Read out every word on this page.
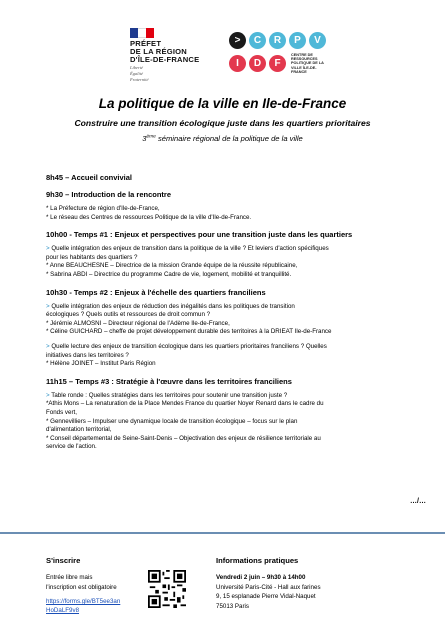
PRÉFET
DE LA RÉGION
D'ÎLE-DE-FRANCE
Liberté
Égalité
Fraternité
>	C	R	P	V
I	D	F
CENTRE DE RESSOURCES POLITIQUE DE LA VILLE ÎLE-DE-FRANCE
La politique de la ville en Ile-de-France
Construire une transition écologique juste dans les quartiers prioritaires
3ème séminaire régional de la politique de la ville
8h45 – Accueil convivial
9h30 – Introduction de la rencontre
* La Préfecture de région d'Ile-de-France,
* Le réseau des Centres de ressources Politique de la ville d'Ile-de-France.
10h00 - Temps #1 : Enjeux et perspectives pour une transition juste dans les quartiers
> Quelle intégration des enjeux de transition dans la politique de la ville ? Et leviers d'action spécifiques
pour les habitants des quartiers ?
* Anne BEAUCHESNE – Directrice de la mission Grande équipe de la réussite républicaine,
* Sabrina ABDI – Directrice du programme Cadre de vie, logement, mobilité et tranquillité.
10h30 - Temps #2 : Enjeux à l'échelle des quartiers franciliens
> Quelle intégration des enjeux de réduction des inégalités dans les politiques de transition
écologiques ? Quels outils et ressources de droit commun ?
* Jérémie ALMOSNI – Directeur régional de l'Adème Ile-de-France,
* Céline GUICHARD – cheffe de projet développement durable des territoires à la DRIEAT Ile-de-France
> Quelle lecture des enjeux de transition écologique dans les quartiers prioritaires franciliens ? Quelles
initiatives dans les territoires ?
* Hélène JOINET – Institut Paris Région
11h15 – Temps #3 : Stratégie à l'œuvre dans les territoires franciliens
> Table ronde : Quelles stratégies dans les territoires pour soutenir une transition juste ?
*Athis Mons – La renaturation de la Place Mendes France du quartier Noyer Renard dans le cadre du
Fonds vert,
* Gennevilliers – Impulser une dynamique locale de transition écologique – focus sur le plan
d'alimentation territorial,
* Conseil départemental de Seine-Saint-Denis – Objectivation des enjeux de résilience territoriale au
service de l'action.
…/…
S'inscrire
Entrée libre mais
l'inscription est obligatoire
https://forms.gle/BT5ee3an
HoDaLF9v8
Informations pratiques
Vendredi 2 juin – 9h30 à 14h00
Université Paris-Cité - Hall aux farines
9, 15 esplanade Pierre Vidal-Naquet
75013 Paris
